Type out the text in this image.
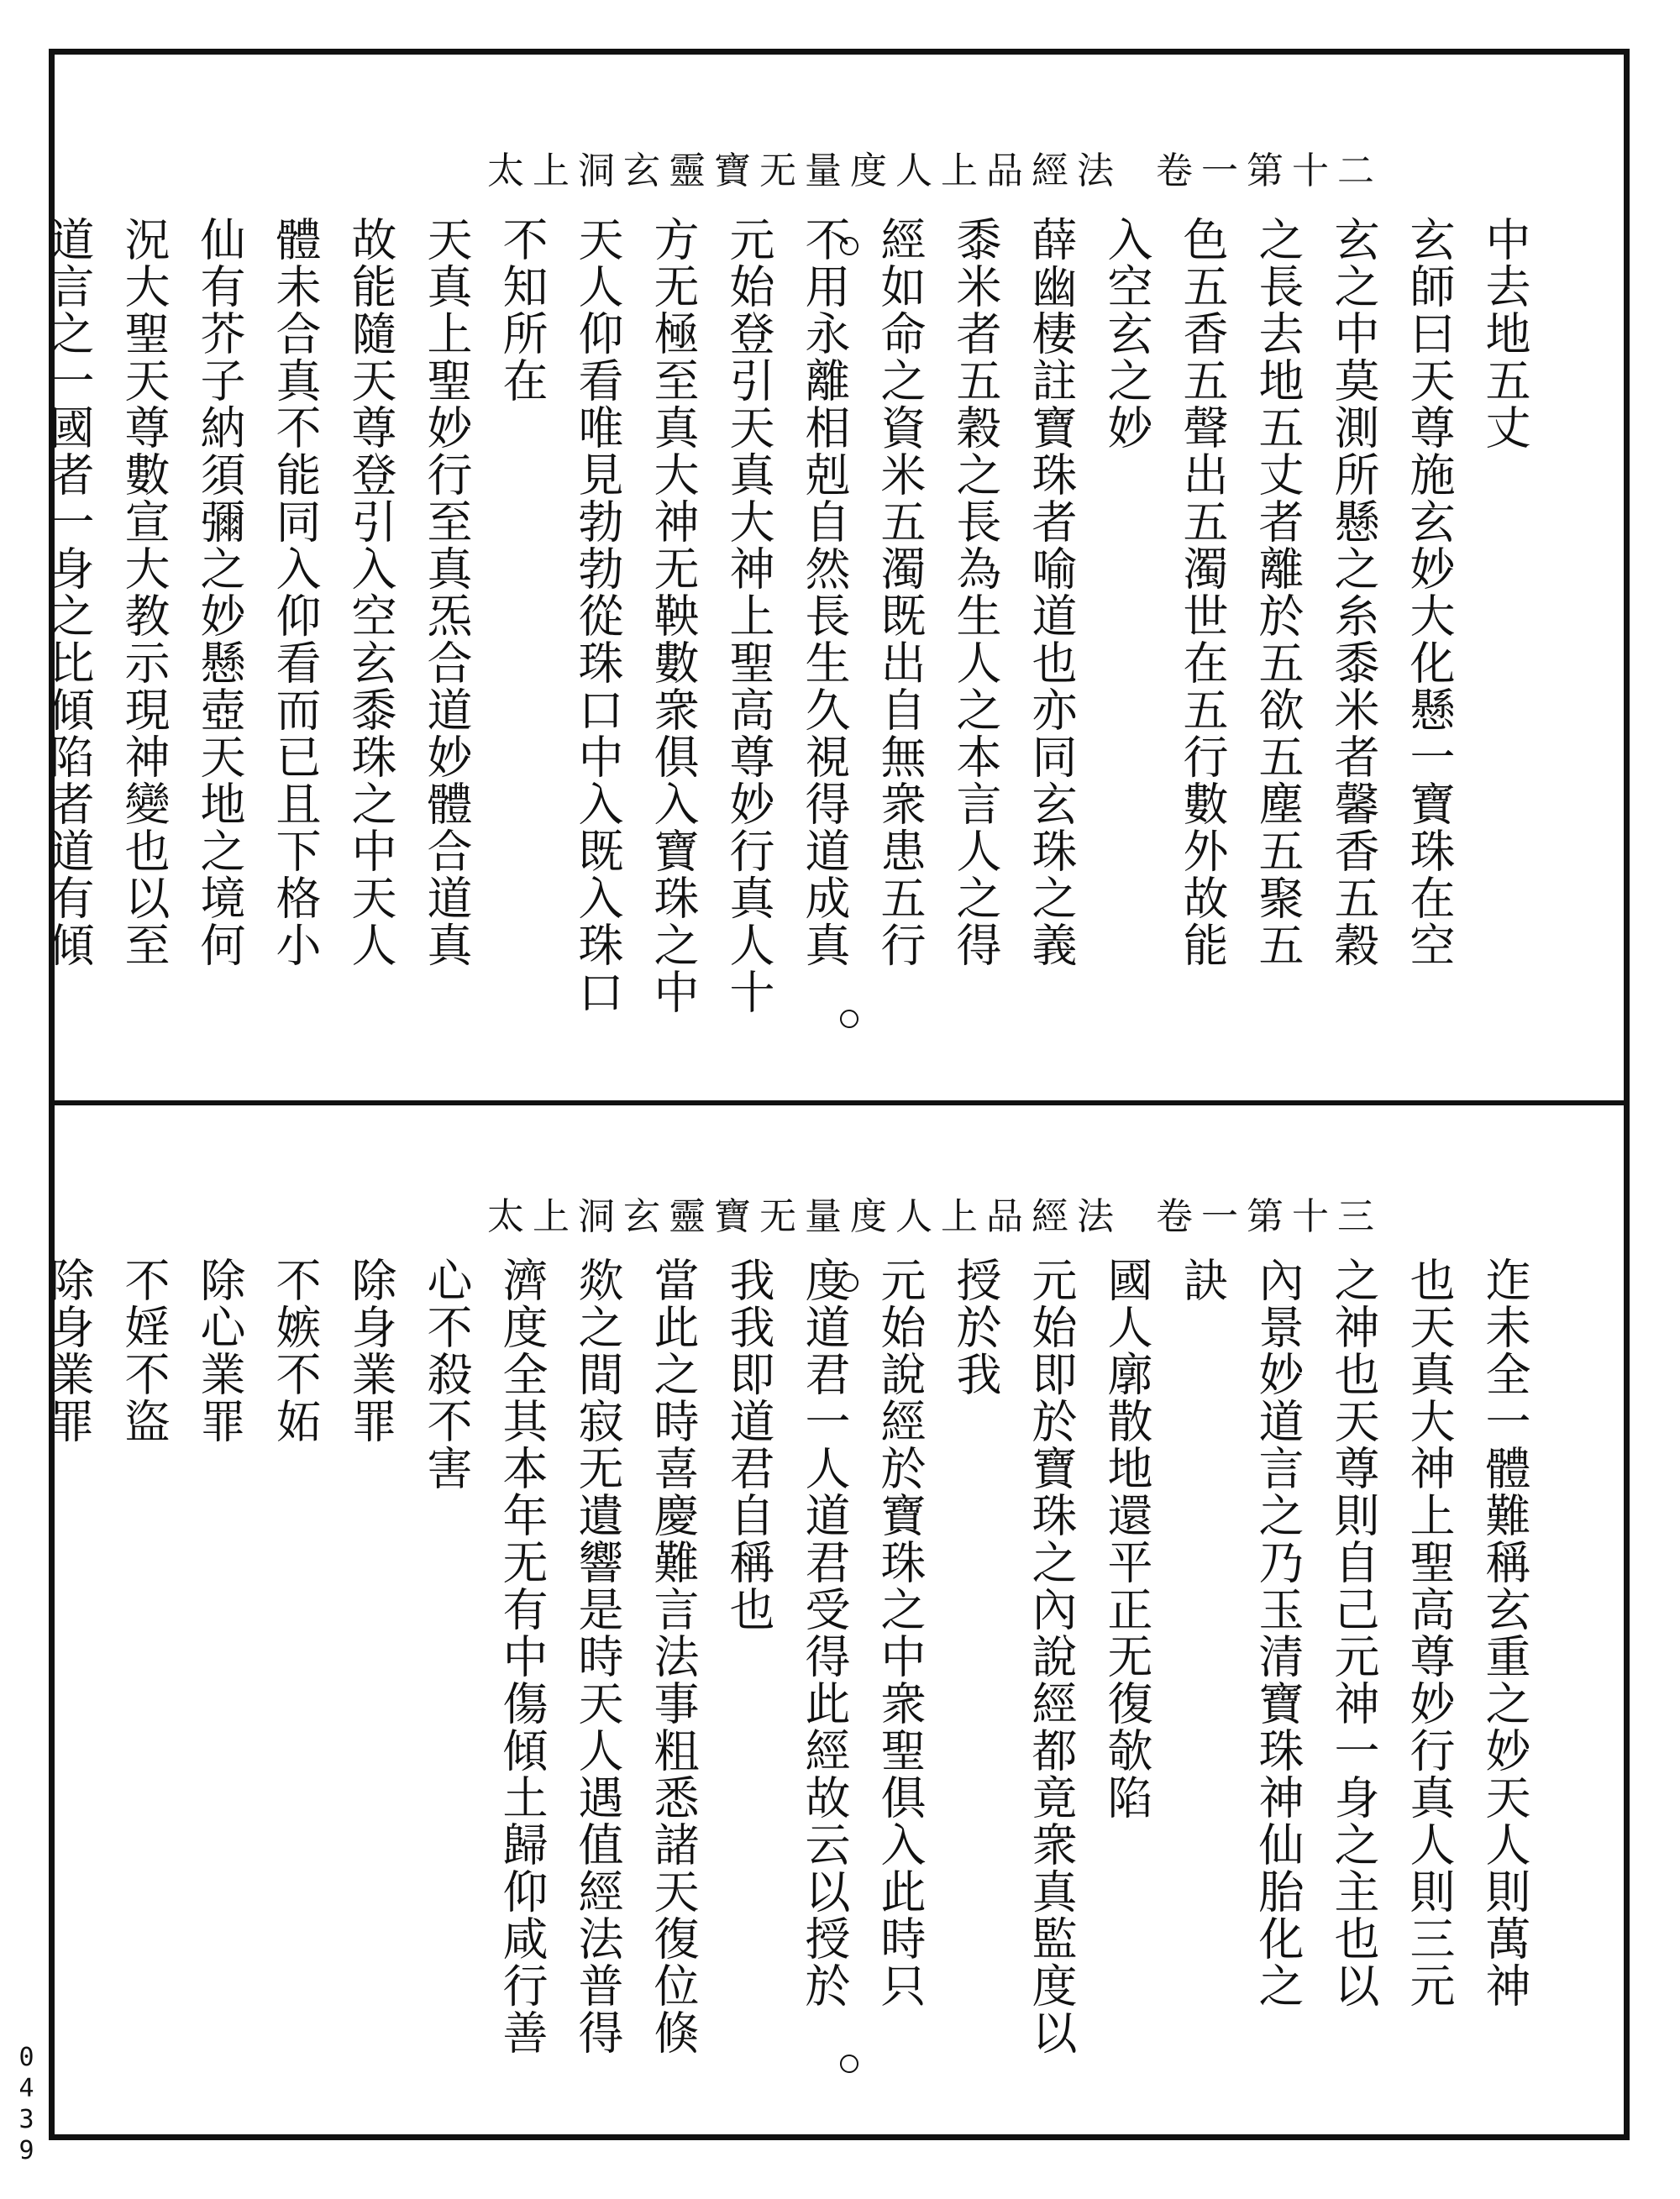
太上洞玄靈寶无量度人上品經法 卷一第十二
中去地五丈
玄師曰天尊施玄妙大化懸一寶珠在空
玄之中莫測所懸之糸黍米者馨香五穀
之長去地五丈者離於五欲五塵五聚五
色五香五聲出五濁世在五行數外故能
入空玄之妙
薛幽棲註寶珠者喻道也亦同玄珠之義
黍米者五穀之長為生人之本言人之得
經如命之資米五濁既出自無衆患五行
不用永離相剋自然長生久視得道成真
元始登引天真大神上聖高尊妙行真人十
方无極至真大神无鞅數衆俱入寶珠之中
天人仰看唯見勃勃從珠口中入既入珠口
不知所在
天真上聖妙行至真炁合道妙體合道真
故能隨天尊登引入空玄黍珠之中天人
體未合真不能同入仰看而已且下格小
仙有芥子納須彌之妙懸壺天地之境何
況大聖天尊數宣大教示現神變也以至
道言之一國者一身之比傾陷者道有傾
太上洞玄靈寶无量度人上品經法 卷一第十三
迮未全一體難稱玄重之妙天人則萬神
也天真大神上聖高尊妙行真人則三元
之神也天尊則自己元神一身之主也以
內景妙道言之乃玉清寶珠神仙胎化之
訣
國人廓散地還平正无復欹陷
元始即於寶珠之內說經都竟衆真監度以
授於我
元始說經於寶珠之中衆聖俱入此時只
度道君一人道君受得此經故云以授於
我我即道君自稱也
當此之時喜慶難言法事粗悉諸天復位倏
欻之間寂无遺響是時天人遇值經法普得
濟度全其本年无有中傷傾土歸仰咸行善
心不殺不害
除身業罪
不嫉不妬
除心業罪
不婬不盜
除身業罪
0439
